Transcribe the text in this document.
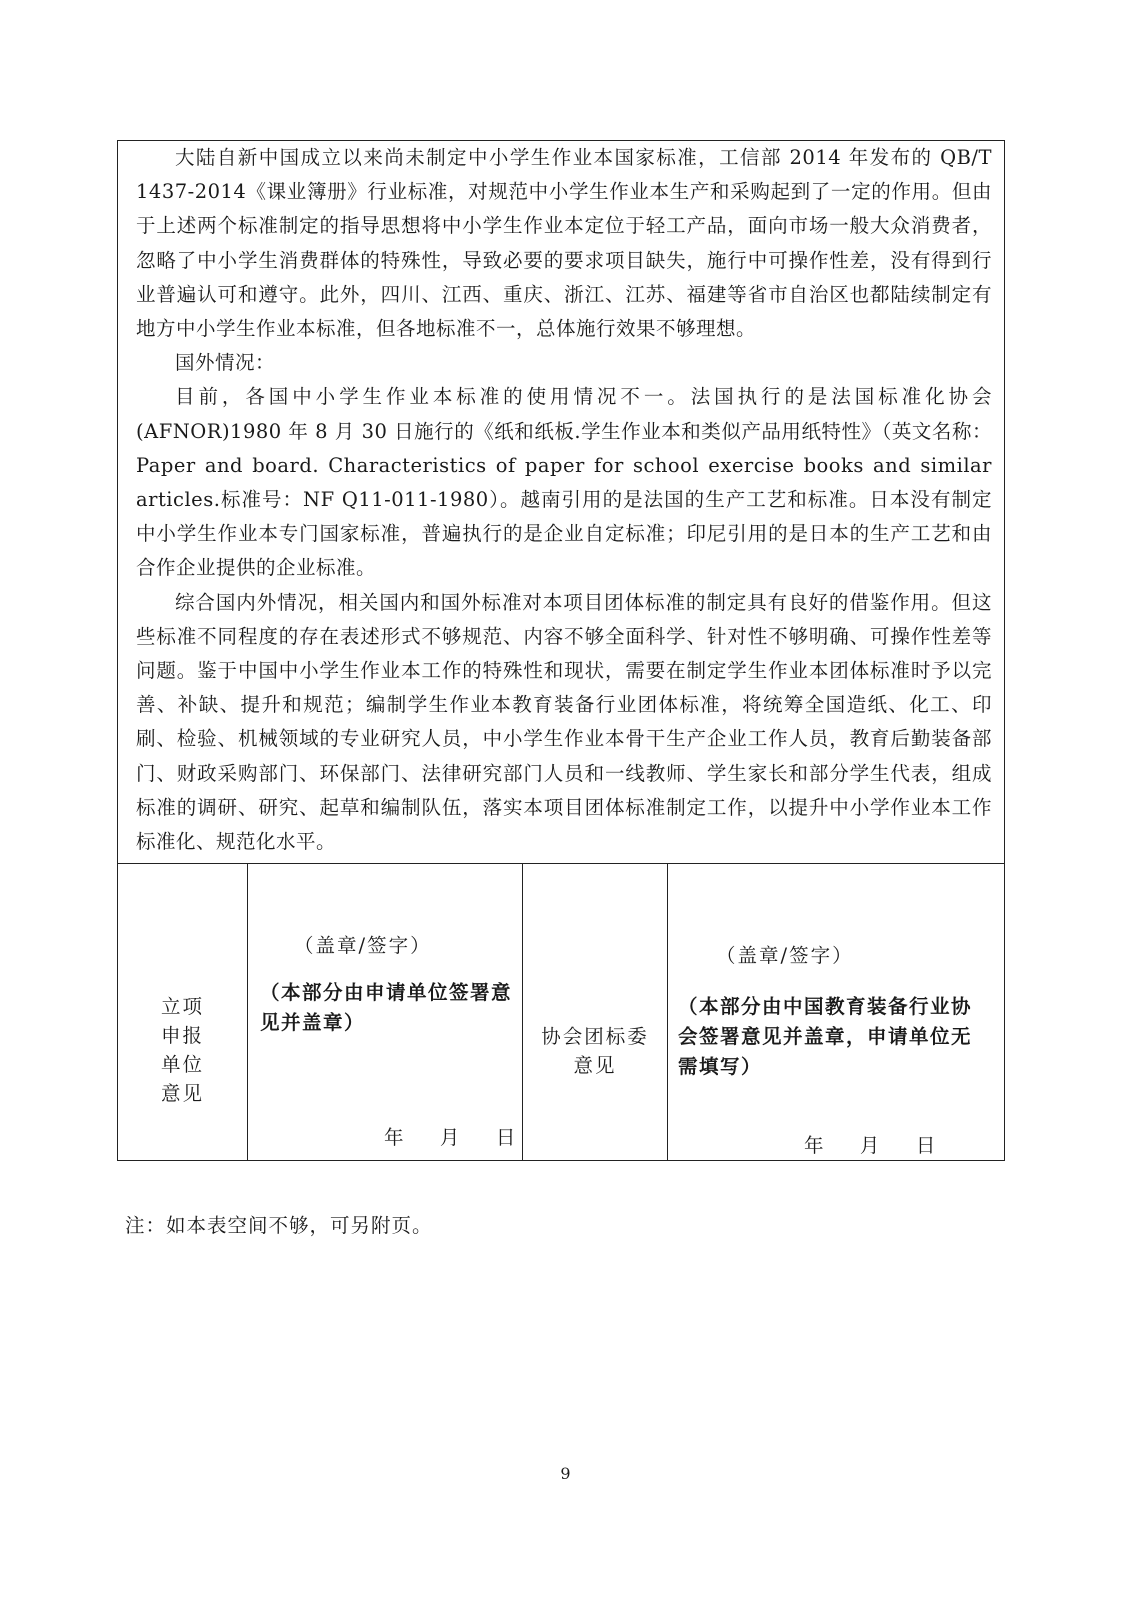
大陆自新中国成立以来尚未制定中小学生作业本国家标准，工信部 2014 年发布的 QB/T 1437-2014《课业簿册》行业标准，对规范中小学生作业本生产和采购起到了一定的作用。但由于上述两个标准制定的指导思想将中小学生作业本定位于轻工产品，面向市场一般大众消费者，忽略了中小学生消费群体的特殊性，导致必要的要求项目缺失，施行中可操作性差，没有得到行业普遍认可和遵守。此外，四川、江西、重庆、浙江、江苏、福建等省市自治区也都陆续制定有地方中小学生作业本标准，但各地标准不一，总体施行效果不够理想。

国外情况：

目前，各国中小学生作业本标准的使用情况不一。法国执行的是法国标准化协会(AFNOR)1980 年 8 月 30 日施行的《纸和纸板.学生作业本和类似产品用纸特性》（英文名称：Paper and board. Characteristics of paper for school exercise books and similar articles.标准号：NF Q11-011-1980）。越南引用的是法国的生产工艺和标准。日本没有制定中小学生作业本专门国家标准，普遍执行的是企业自定标准；印尼引用的是日本的生产工艺和由合作企业提供的企业标准。

综合国内外情况，相关国内和国外标准对本项目团体标准的制定具有良好的借鉴作用。但这些标准不同程度的存在表述形式不够规范、内容不够全面科学、针对性不够明确、可操作性差等问题。鉴于中国中小学生作业本工作的特殊性和现状，需要在制定学生作业本团体标准时予以完善、补缺、提升和规范；编制学生作业本教育装备行业团体标准，将统筹全国造纸、化工、印刷、检验、机械领域的专业研究人员，中小学生作业本骨干生产企业工作人员，教育后勤装备部门、财政采购部门、环保部门、法律研究部门人员和一线教师、学生家长和部分学生代表，组成标准的调研、研究、起草和编制队伍，落实本项目团体标准制定工作，以提升中小学作业本工作标准化、规范化水平。

立项
申报
单位
意见
（盖章/签字）
（本部分由申请单位签署意见并盖章）
年 月 日
协会团标委
意见
（盖章/签字）
（本部分由中国教育装备行业协会签署意见并盖章，申请单位无需填写）
年 月 日
注：如本表空间不够，可另附页。
9
